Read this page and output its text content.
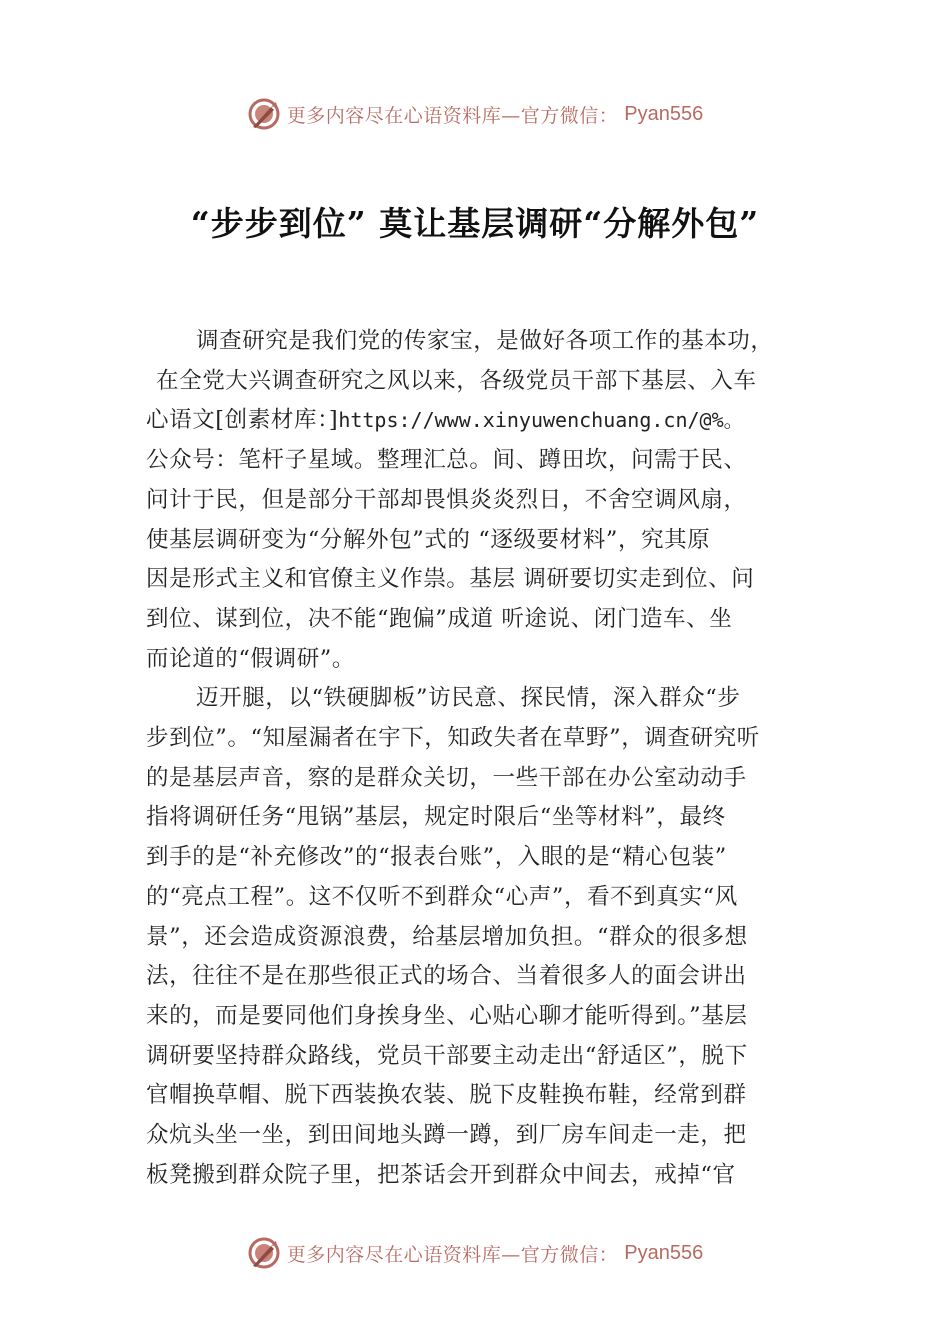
更多内容尽在心语资料库—官方微信： Pyan556
“步步到位” 莫让基层调研“分解外包”
调查研究是我们党的传家宝，是做好各项工作的基本功，
在全党大兴调查研究之风以来，各级党员干部下基层、入车
心语文[创素材库：]https://www.xinyuwenchuang.cn/@%。
公众号：笔杆子星域。整理汇总。间、蹲田坎，问需于民、
问计于民，但是部分干部却畏惧炎炎烈日，不舍空调风扇，
使基层调研变为“分解外包”式的 “逐级要材料”，究其原
因是形式主义和官僚主义作祟。基层 调研要切实走到位、问
到位、谋到位，决不能“跑偏”成道 听途说、闭门造车、坐
而论道的“假调研”。
迈开腿，以“铁硬脚板”访民意、探民情，深入群众“步
步到位”。“知屋漏者在宇下，知政失者在草野”，调查研究听
的是基层声音，察的是群众关切，一些干部在办公室动动手
指将调研任务“甩锅”基层，规定时限后“坐等材料”，最终
到手的是“补充修改”的“报表台账”，入眼的是“精心包装”
的“亮点工程”。这不仅听不到群众“心声”，看不到真实“风
景”，还会造成资源浪费，给基层增加负担。“群众的很多想
法，往往不是在那些很正式的场合、当着很多人的面会讲出
来的，而是要同他们身挨身坐、心贴心聊才能听得到。”基层
调研要坚持群众路线，党员干部要主动走出“舒适区”，脱下
官帽换草帽、脱下西装换农装、脱下皮鞋换布鞋，经常到群
众炕头坐一坐，到田间地头蹲一蹲，到厂房车间走一走，把
板凳搬到群众院子里，把茶话会开到群众中间去，戒掉“官
更多内容尽在心语资料库—官方微信： Pyan556
